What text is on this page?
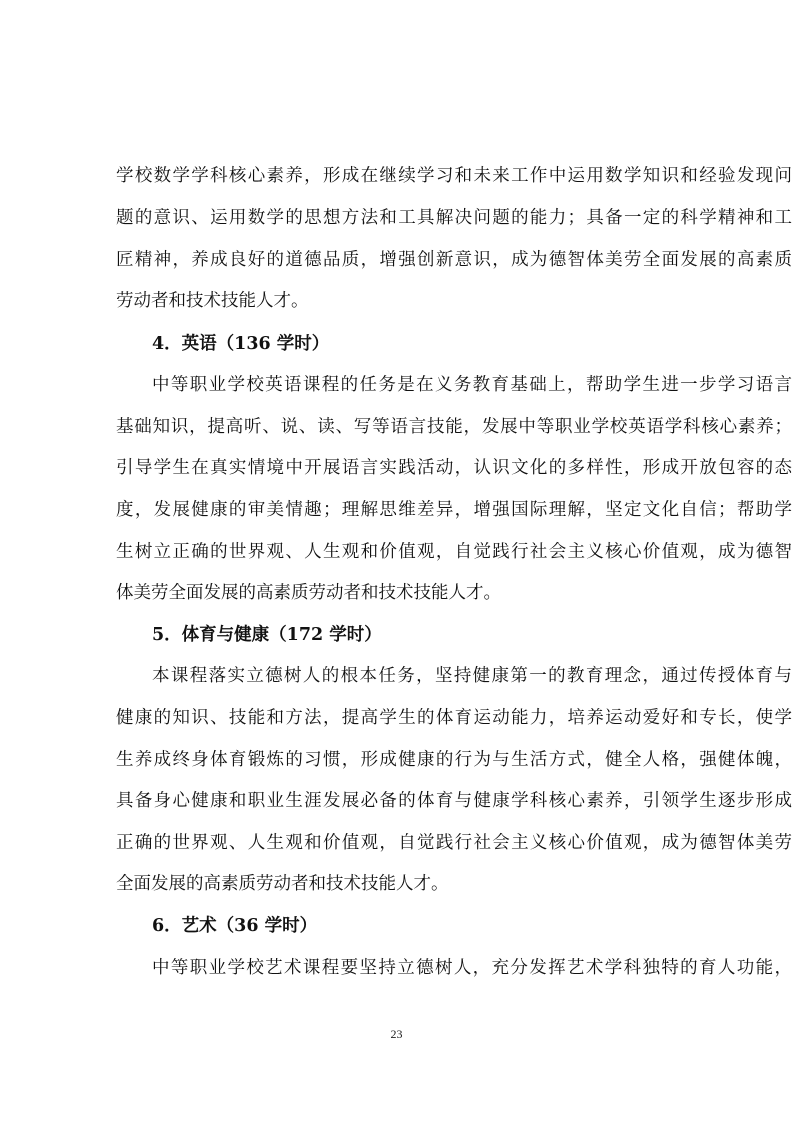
学校数学学科核心素养，形成在继续学习和未来工作中运用数学知识和经验发现问
题的意识、运用数学的思想方法和工具解决问题的能力；具备一定的科学精神和工
匠精神，养成良好的道德品质，增强创新意识，成为德智体美劳全面发展的高素质
劳动者和技术技能人才。
4．英语（136 学时）
中等职业学校英语课程的任务是在义务教育基础上，帮助学生进一步学习语言
基础知识，提高听、说、读、写等语言技能，发展中等职业学校英语学科核心素养；
引导学生在真实情境中开展语言实践活动，认识文化的多样性，形成开放包容的态
度，发展健康的审美情趣；理解思维差异，增强国际理解，坚定文化自信；帮助学
生树立正确的世界观、人生观和价值观，自觉践行社会主义核心价值观，成为德智
体美劳全面发展的高素质劳动者和技术技能人才。
5．体育与健康（172 学时）
本课程落实立德树人的根本任务，坚持健康第一的教育理念，通过传授体育与
健康的知识、技能和方法，提高学生的体育运动能力，培养运动爱好和专长，使学
生养成终身体育锻炼的习惯，形成健康的行为与生活方式，健全人格，强健体魄，
具备身心健康和职业生涯发展必备的体育与健康学科核心素养，引领学生逐步形成
正确的世界观、人生观和价值观，自觉践行社会主义核心价值观，成为德智体美劳
全面发展的高素质劳动者和技术技能人才。
6．艺术（36 学时）
中等职业学校艺术课程要坚持立德树人，充分发挥艺术学科独特的育人功能，
23
